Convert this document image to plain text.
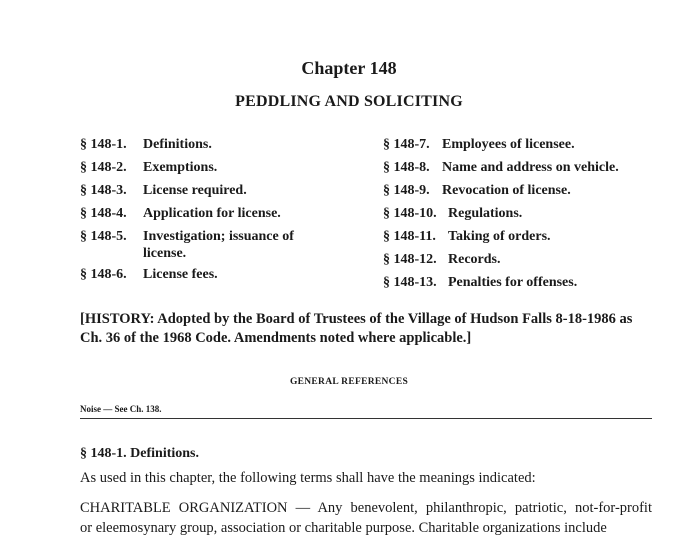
Chapter 148
PEDDLING AND SOLICITING
§ 148-1. Definitions.
§ 148-2. Exemptions.
§ 148-3. License required.
§ 148-4. Application for license.
§ 148-5. Investigation; issuance of
license.
§ 148-6. License fees.
§ 148-7. Employees of licensee.
§ 148-8. Name and address on vehicle.
§ 148-9. Revocation of license.
§ 148-10. Regulations.
§ 148-11. Taking of orders.
§ 148-12. Records.
§ 148-13. Penalties for offenses.
[HISTORY: Adopted by the Board of Trustees of the Village of Hudson Falls 8-18-1986 as Ch. 36 of the 1968 Code. Amendments noted where applicable.]
GENERAL REFERENCES
Noise — See Ch. 138.
§ 148-1. Definitions.
As used in this chapter, the following terms shall have the meanings indicated:
CHARITABLE ORGANIZATION — Any benevolent, philanthropic, patriotic, not-for-profit
or eleemosynary group, association or charitable purpose. Charitable organizations include
